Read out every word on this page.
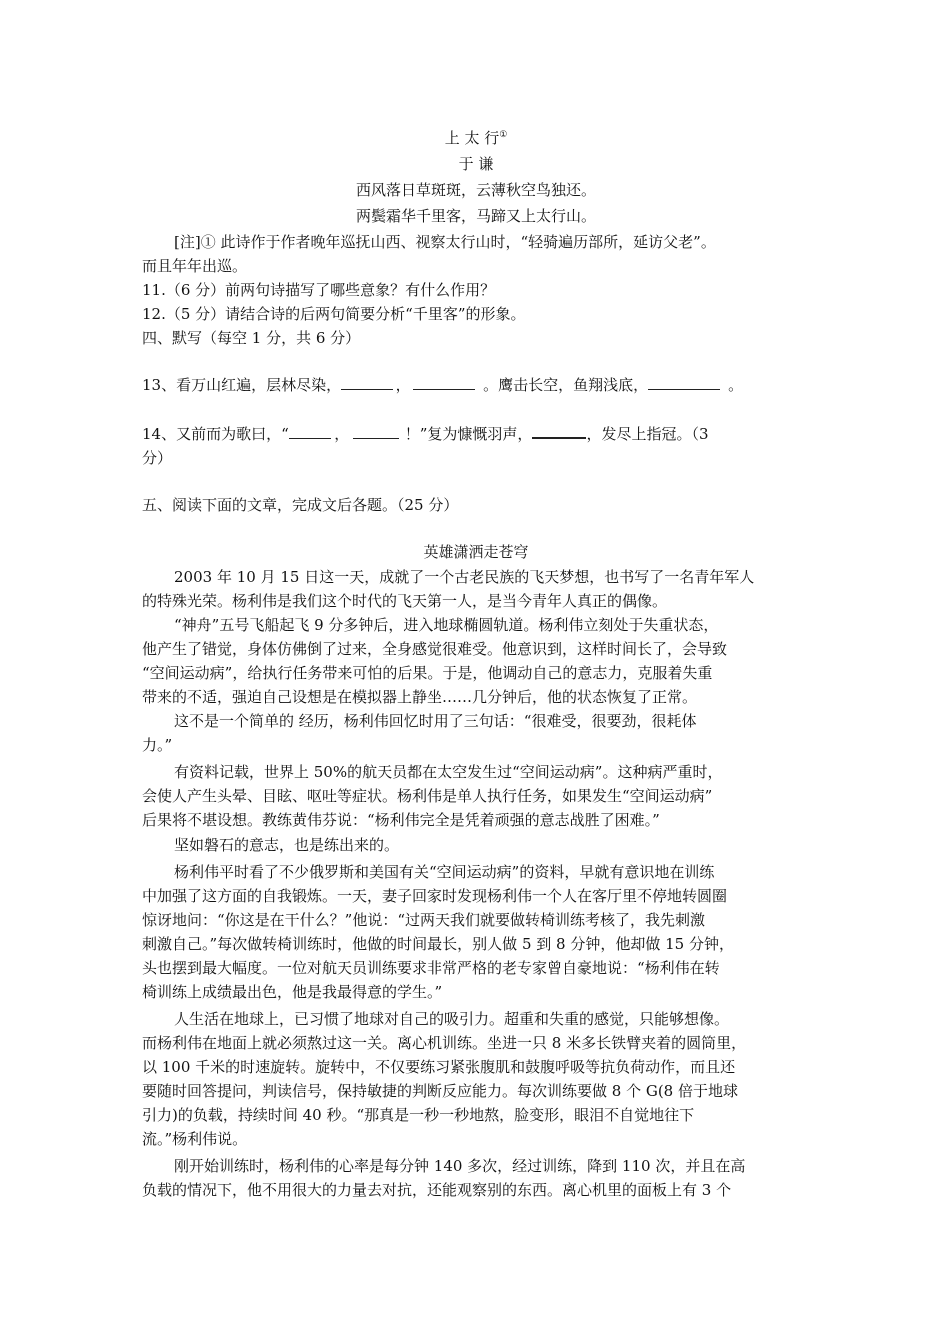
上 太 行①
于 谦
西风落日草斑斑，云薄秋空鸟独还。
两鬓霜华千里客，马蹄又上太行山。
[注]① 此诗作于作者晚年巡抚山西、视察太行山时，“轻骑遍历部所，延访父老”。
而且年年出巡。
11.（6 分）前两句诗描写了哪些意象？有什么作用？
12.（5 分）请结合诗的后两句简要分析“千里客”的形象。
四、默写（每空 1 分，共 6 分）
13、看万山红遍，层林尽染，	，	。鹰击长空，鱼翔浅底，	。
14、又前而为歌曰，“	，	！”复为慷慨羽声，	，发尽上指冠。（3
分）
五、阅读下面的文章，完成文后各题。（25 分）
英雄潇洒走苍穹
2003 年 10 月 15 日这一天，成就了一个古老民族的飞天梦想，也书写了一名青年军人
的特殊光荣。杨利伟是我们这个时代的飞天第一人，是当今青年人真正的偶像。
“神舟”五号飞船起飞 9 分多钟后，进入地球椭圆轨道。杨利伟立刻处于失重状态，
他产生了错觉，身体仿佛倒了过来，全身感觉很难受。他意识到，这样时间长了，会导致
“空间运动病”，给执行任务带来可怕的后果。于是，他调动自己的意志力，克服着失重
带来的不适，强迫自己设想是在模拟器上静坐……几分钟后，他的状态恢复了正常。
这不是一个简单的 经历，杨利伟回忆时用了三句话：“很难受，很要劲，很耗体
力。”
有资料记载，世界上 50%的航天员都在太空发生过“空间运动病”。这种病严重时，
会使人产生头晕、目眩、呕吐等症状。杨利伟是单人执行任务，如果发生“空间运动病”
后果将不堪设想。教练黄伟芬说：“杨利伟完全是凭着顽强的意志战胜了困难。”
坚如磐石的意志，也是练出来的。
杨利伟平时看了不少俄罗斯和美国有关“空间运动病”的资料，早就有意识地在训练
中加强了这方面的自我锻炼。一天，妻子回家时发现杨利伟一个人在客厅里不停地转圆圈
惊讶地问：“你这是在干什么？”他说：“过两天我们就要做转椅训练考核了，我先刺激
刺激自己。”每次做转椅训练时，他做的时间最长，别人做 5 到 8 分钟，他却做 15 分钟，
头也摆到最大幅度。一位对航天员训练要求非常严格的老专家曾自豪地说：“杨利伟在转
椅训练上成绩最出色，他是我最得意的学生。”
人生活在地球上，已习惯了地球对自己的吸引力。超重和失重的感觉，只能够想像。
而杨利伟在地面上就必须熬过这一关。离心机训练。坐进一只 8 米多长铁臂夹着的圆筒里，
以 100 千米的时速旋转。旋转中，不仅要练习紧张腹肌和鼓腹呼吸等抗负荷动作，而且还
要随时回答提问，判读信号，保持敏捷的判断反应能力。每次训练要做 8 个 G(8 倍于地球
引力)的负载，持续时间 40 秒。“那真是一秒一秒地熬，脸变形，眼泪不自觉地往下
流。”杨利伟说。
刚开始训练时，杨利伟的心率是每分钟 140 多次，经过训练，降到 110 次，并且在高
负载的情况下，他不用很大的力量去对抗，还能观察别的东西。离心机里的面板上有 3 个
